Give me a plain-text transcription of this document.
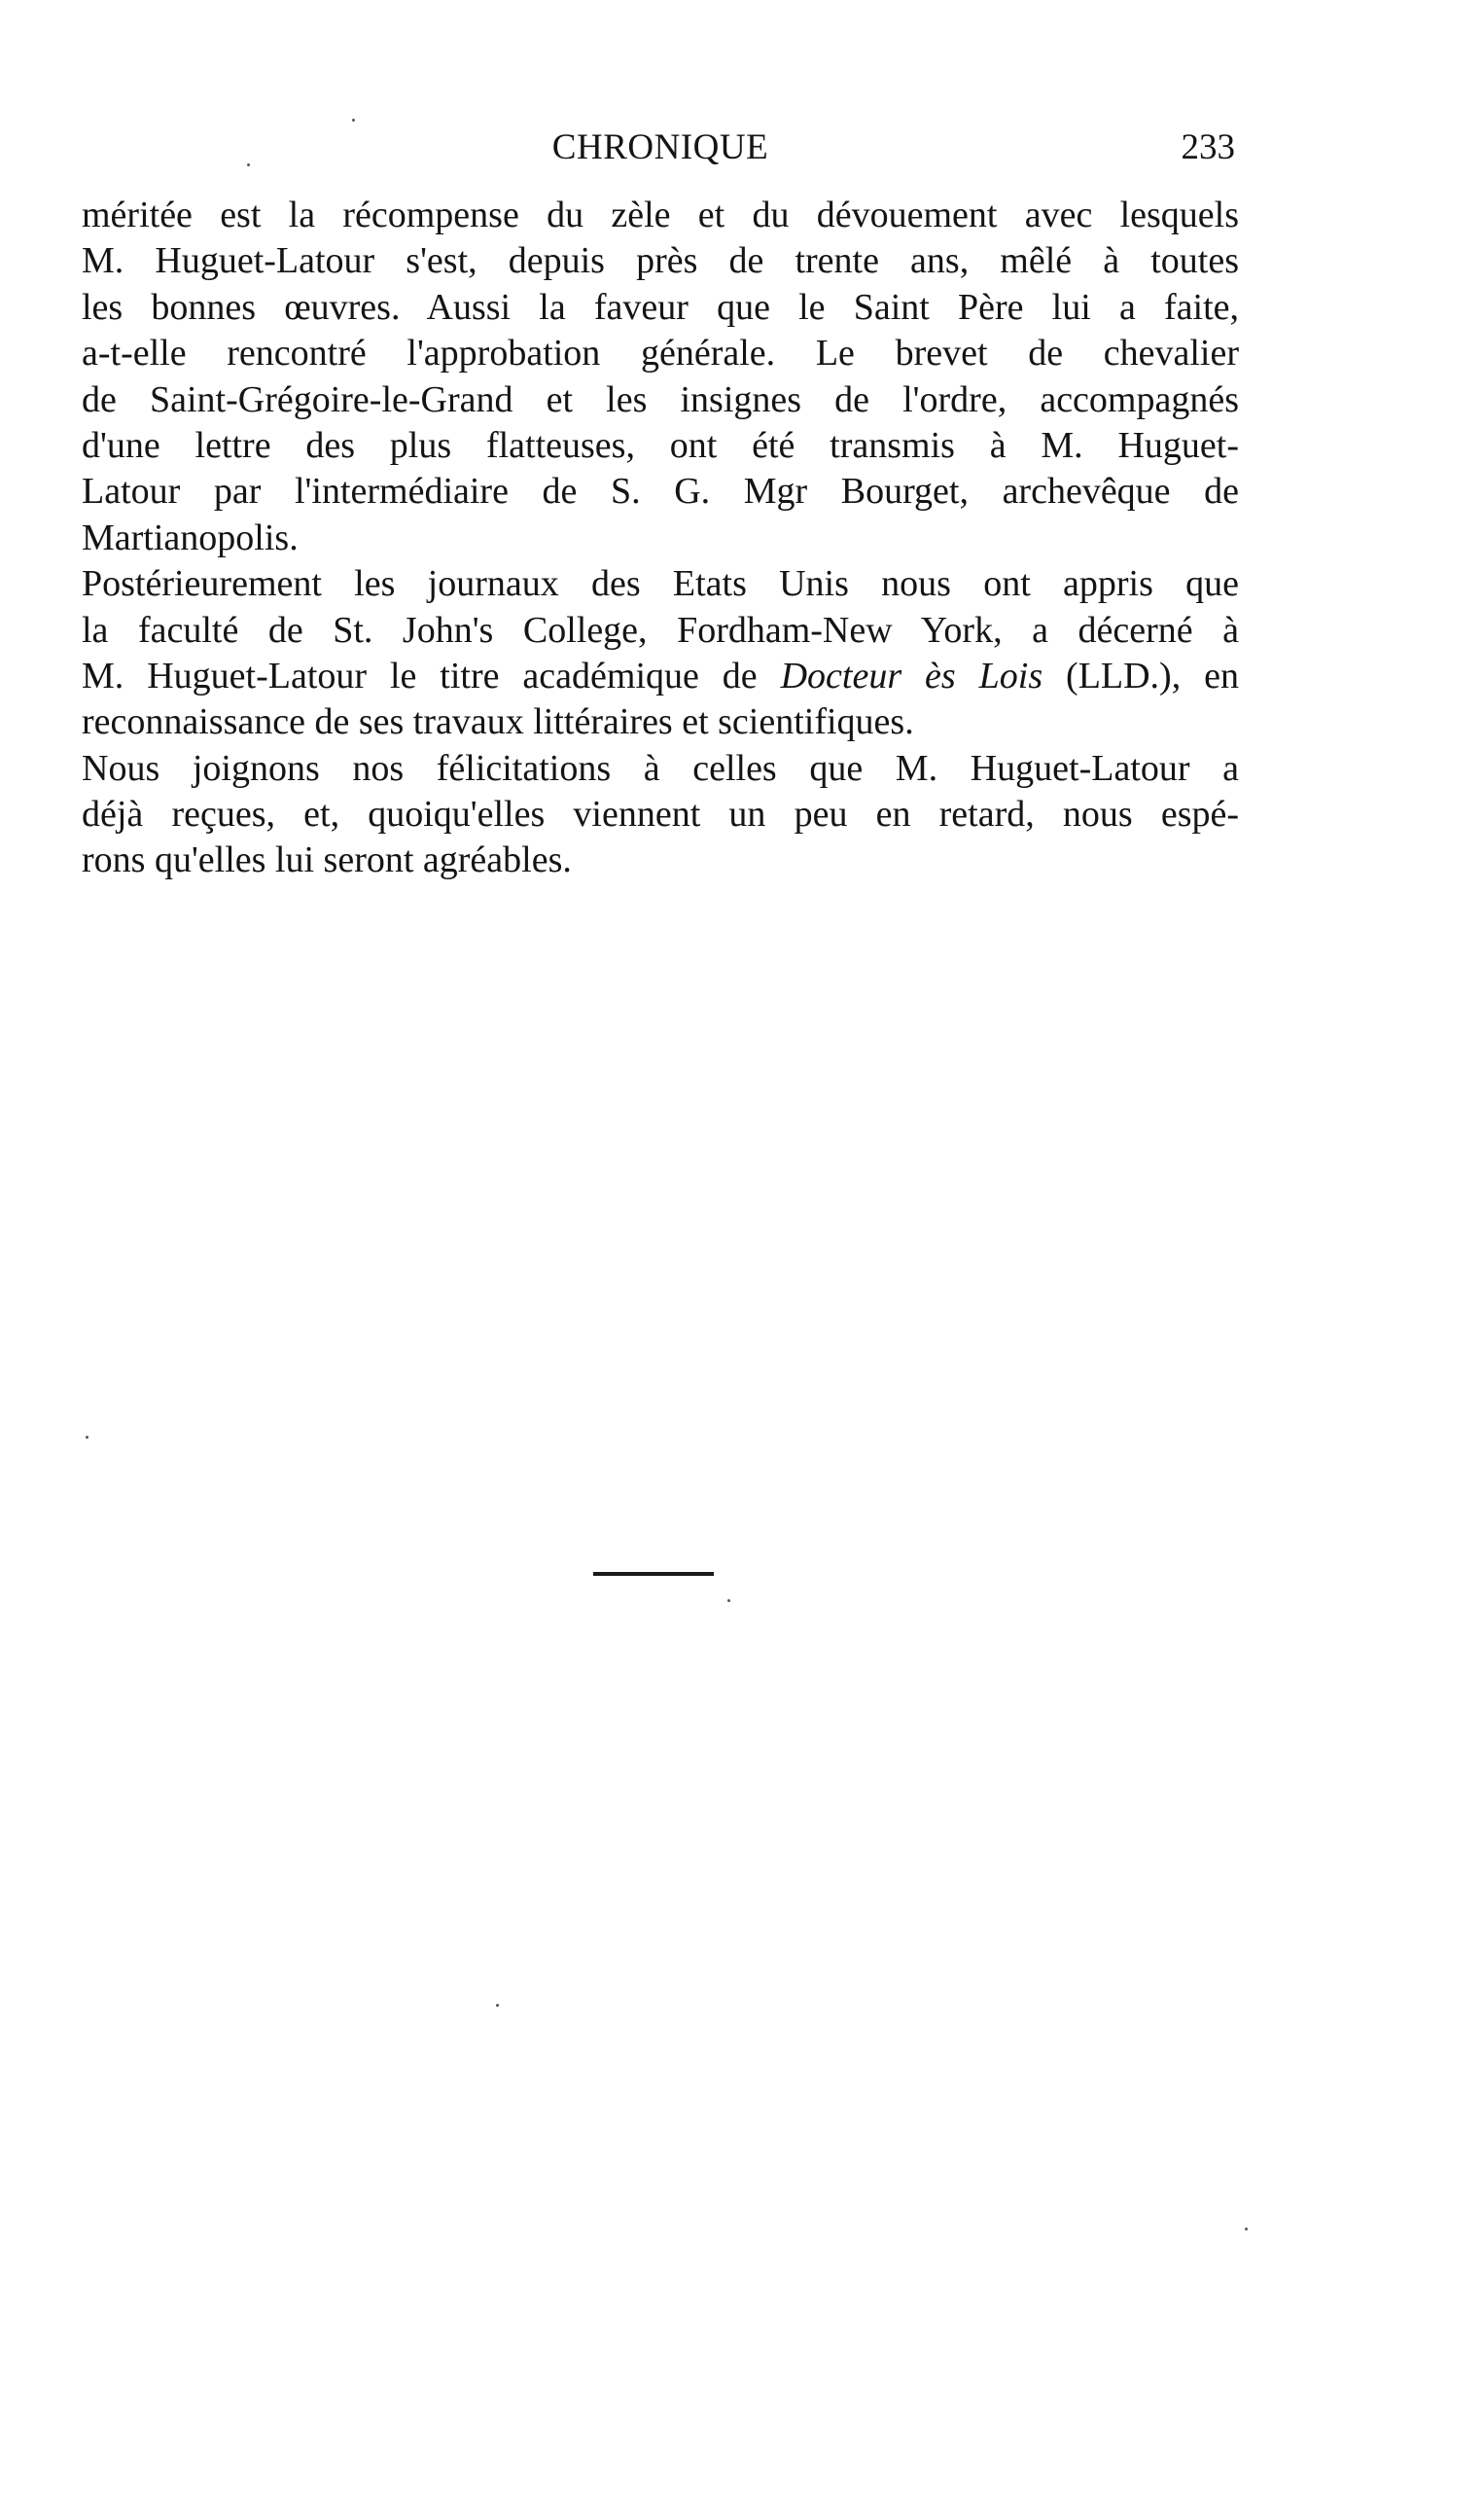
CHRONIQUE	233
méritée est la récompense du zèle et du dévouement avec lesquels
M. Huguet-Latour s'est, depuis près de trente ans, mêlé à toutes
les bonnes œuvres. Aussi la faveur que le Saint Père lui a faite,
a-t-elle rencontré l'approbation générale. Le brevet de chevalier
de Saint-Grégoire-le-Grand et les insignes de l'ordre, accompagnés
d'une lettre des plus flatteuses, ont été transmis à M. Huguet-
Latour par l'intermédiaire de S. G. Mgr Bourget, archevêque de
Martianopolis.
Postérieurement les journaux des Etats Unis nous ont appris que
la faculté de St. John's College, Fordham-New York, a décerné à
M. Huguet-Latour le titre académique de Docteur ès Lois (LLD.), en
reconnaissance de ses travaux littéraires et scientifiques.
Nous joignons nos félicitations à celles que M. Huguet-Latour a
déjà reçues, et, quoiqu'elles viennent un peu en retard, nous espé-
rons qu'elles lui seront agréables.
